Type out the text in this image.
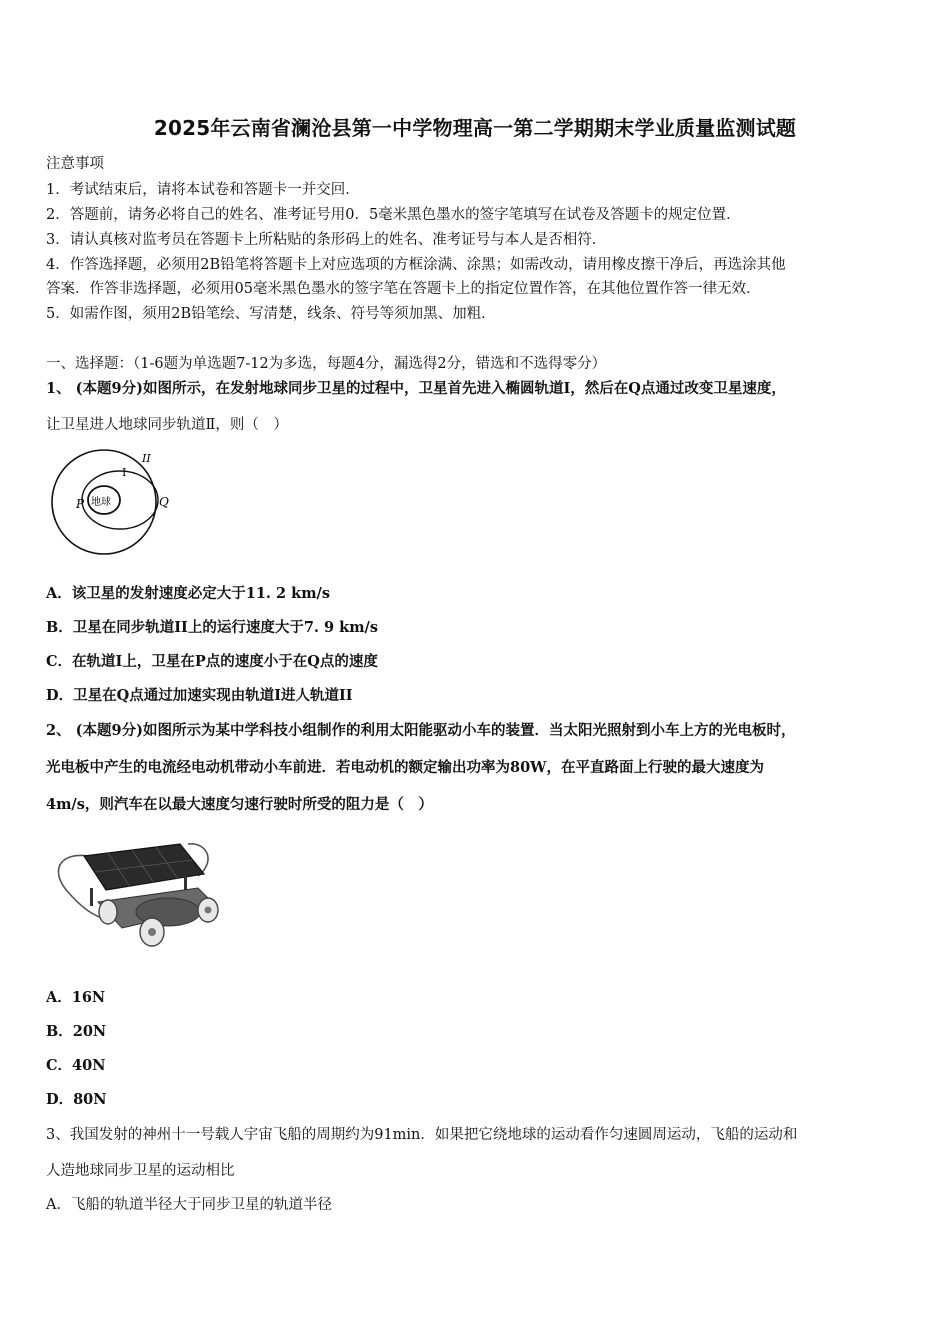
2025年云南省澜沧县第一中学物理高一第二学期期末学业质量监测试题
注意事项
1．考试结束后，请将本试卷和答题卡一并交回．
2．答题前，请务必将自己的姓名、准考证号用0．5毫米黑色墨水的签字笔填写在试卷及答题卡的规定位置．
3．请认真核对监考员在答题卡上所粘贴的条形码上的姓名、准考证号与本人是否相符．
4．作答选择题，必须用2B铅笔将答题卡上对应选项的方框涂满、涂黑；如需改动，请用橡皮擦干净后，再选涂其他
答案．作答非选择题，必须用05毫米黑色墨水的签字笔在答题卡上的指定位置作答，在其他位置作答一律无效．
5．如需作图，须用2B铅笔绘、写清楚，线条、符号等须加黑、加粗．
一、选择题：（1-6题为单选题7-12为多选，每题4分，漏选得2分，错选和不选得零分）
1、 (本题9分)如图所示，在发射地球同步卫星的过程中，卫星首先进入椭圆轨道I，然后在Q点通过改变卫星速度，
让卫星进人地球同步轨道Ⅱ，则（　）
地球
II
I
P	Q
A．该卫星的发射速度必定大于11. 2 km/s
B．卫星在同步轨道II上的运行速度大于7. 9 km/s
C．在轨道I上，卫星在P点的速度小于在Q点的速度
D．卫星在Q点通过加速实现由轨道I进人轨道II
2、 (本题9分)如图所示为某中学科技小组制作的利用太阳能驱动小车的装置．当太阳光照射到小车上方的光电板时，
光电板中产生的电流经电动机带动小车前进．若电动机的额定输出功率为80W，在平直路面上行驶的最大速度为
4m/s，则汽车在以最大速度匀速行驶时所受的阻力是（　）
A．16N
B．20N
C．40N
D．80N
3、我国发射的神州十一号载人宇宙飞船的周期约为91min．如果把它绕地球的运动看作匀速圆周运动，飞船的运动和
人造地球同步卫星的运动相比
A．飞船的轨道半径大于同步卫星的轨道半径
